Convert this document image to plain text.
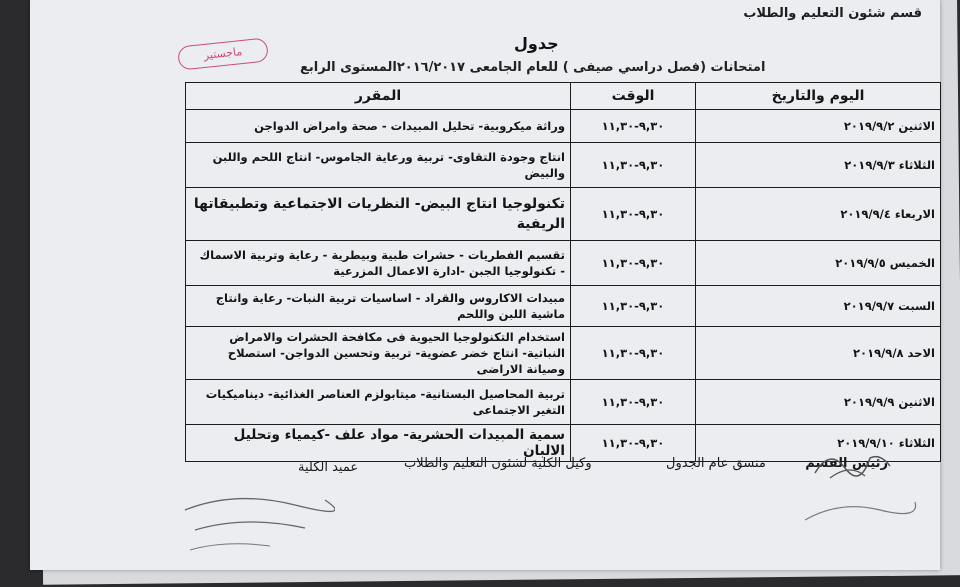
قسم شئون التعليم والطلاب
ماجستير
جدول
امتحانات (فصل دراسي صيفى ) للعام الجامعى ٢٠١٦/٢٠١٧المستوى الرابع
اليوم والتاريخ	الوقت	المقرر
الاثنين ٢٠١٩/٩/٢	٩,٣٠-١١,٣٠	وراثة ميكروبية- تحليل المبيدات - صحة وامراض الدواجن
الثلاثاء ٢٠١٩/٩/٣	٩,٣٠-١١,٣٠	انتاج وجودة التقاوى- تربية ورعاية الجاموس- انتاج اللحم واللبن والبيض
الاربعاء ٢٠١٩/٩/٤	٩,٣٠-١١,٣٠	تكنولوجيا انتاج البيض- النظريات الاجتماعية وتطبيقاتها الريفية
الخميس ٢٠١٩/٩/٥	٩,٣٠-١١,٣٠	تقسيم الفطريات - حشرات طبية وبيطرية - رعاية وتربية الاسماك - تكنولوجيا الجبن -ادارة الاعمال المزرعية
السبت ٢٠١٩/٩/٧	٩,٣٠-١١,٣٠	مبيدات الاكاروس والقراد - اساسيات تربية النبات- رعاية وانتاج ماشية اللبن واللحم
الاحد ٢٠١٩/٩/٨	٩,٣٠-١١,٣٠	استخدام التكنولوجيا الحيوية فى مكافحة الحشرات والامراض النباتية- انتاج خضر عضوية- تربية وتحسين الدواجن- استصلاح وصيانة الاراضى
الاثنين ٢٠١٩/٩/٩	٩,٣٠-١١,٣٠	تربية المحاصيل البستانية- ميتابولزم العناصر الغذائية- ديناميكيات التغير الاجتماعى
الثلاثاء ٢٠١٩/٩/١٠	٩,٣٠-١١,٣٠	سمية المبيدات الحشرية- مواد علف -كيمياء وتحليل الالبان
رئيس القسم
منسق عام الجدول
وكيل الكلية لشئون التعليم والطلاب
عميد الكلية
